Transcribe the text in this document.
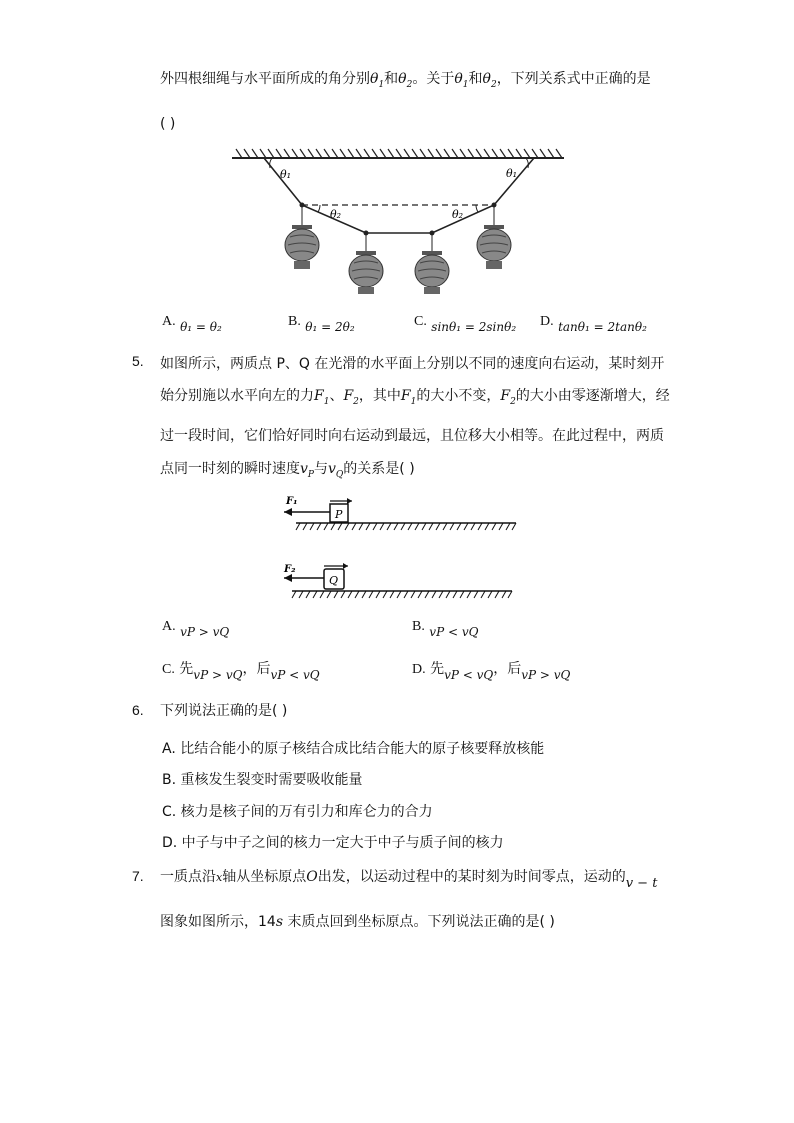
外四根细绳与水平面所成的角分别$\theta_1$和$\theta_2$。关于$\theta_1$和$\theta_2$，下列关系式中正确的是
( )
θ₁	θ₁
θ₂	θ₂
A. θ₁ = θ₂	B. θ₁ = 2θ₂	C. sinθ₁ = 2sinθ₂ D. tanθ₁ = 2tanθ₂
5. 如图所示，两质点 P、Q 在光滑的水平面上分别以不同的速度向右运动，某时刻开
始分别施以水平向左的力$F_1$、$F_2$，其中$F_1$的大小不变，$F_2$的大小由零逐渐增大，经
过一段时间，它们恰好同时向右运动到最远，且位移大小相等。在此过程中，两质
点同一时刻的瞬时速度$v_P$与$v_Q$的关系是( )
F₁
P
F₂
Q
A. vP > vQ	B. vP < vQ
C. 先vP > vQ，后vP < vQ	D. 先vP < vQ，后vP > vQ
6. 下列说法正确的是( )
A. 比结合能小的原子核结合成比结合能大的原子核要释放核能
B. 重核发生裂变时需要吸收能量
C. 核力是核子间的万有引力和库仑力的合力
D. 中子与中子之间的核力一定大于中子与质子间的核力
7. 一质点沿x轴从坐标原点O出发，以运动过程中的某时刻为时间零点，运动的v − t
图象如图所示，14s 末质点回到坐标原点。下列说法正确的是( )
